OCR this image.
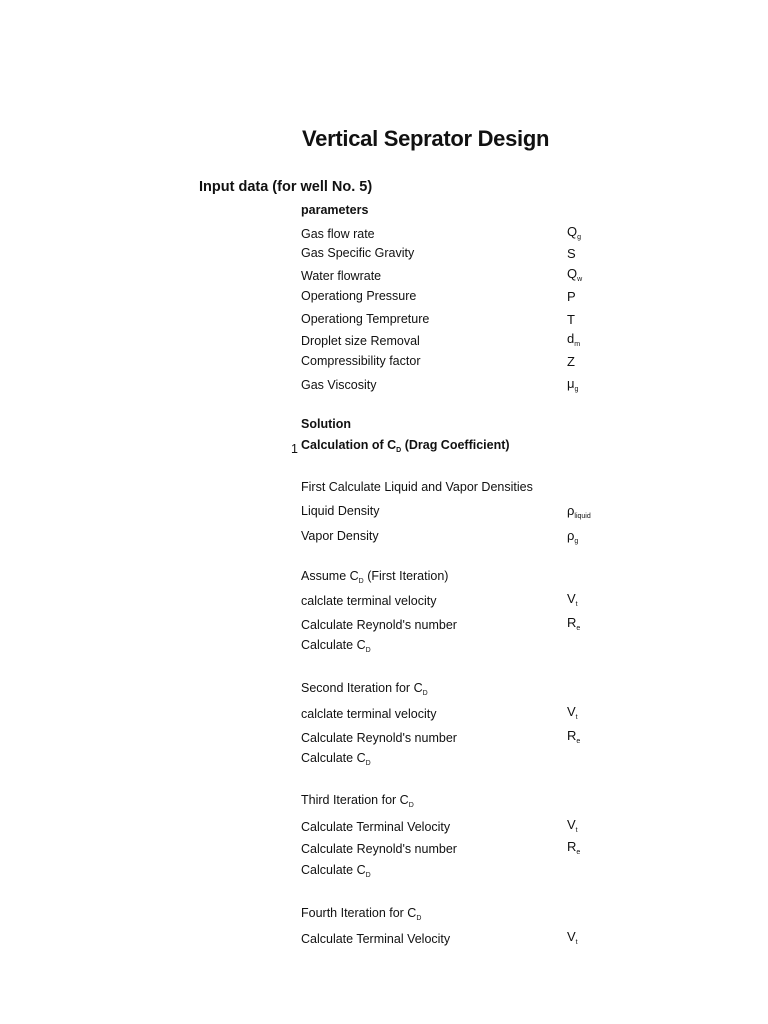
Vertical Seprator Design
Input data (for well No. 5)
parameters
Gas flow rate	$Q_g$
Gas Specific Gravity	S
Water flowrate	$Q_w$
Operationg Pressure	P
Operationg Tempreture	T
Droplet size Removal	$d_m$
Compressibility factor	Z
Gas Viscosity	$\mu_g$
Solution
1 Calculation of $C_D$ (Drag Coefficient)
First Calculate Liquid and Vapor Densities
Liquid Density	$\rho_{liquid}$
Vapor Density	$\rho_g$
Assume $C_D$ (First Iteration)
calclate terminal velocity	$V_t$
Calculate Reynold's number	$R_e$
Calculate $C_D$
Second Iteration for $C_D$
calclate terminal velocity	$V_t$
Calculate Reynold's number	$R_e$
Calculate $C_D$
Third Iteration for $C_D$
Calculate Terminal Velocity	$V_t$
Calculate Reynold's number	$R_e$
Calculate $C_D$
Fourth Iteration for $C_D$
Calculate Terminal Velocity	$V_t$
